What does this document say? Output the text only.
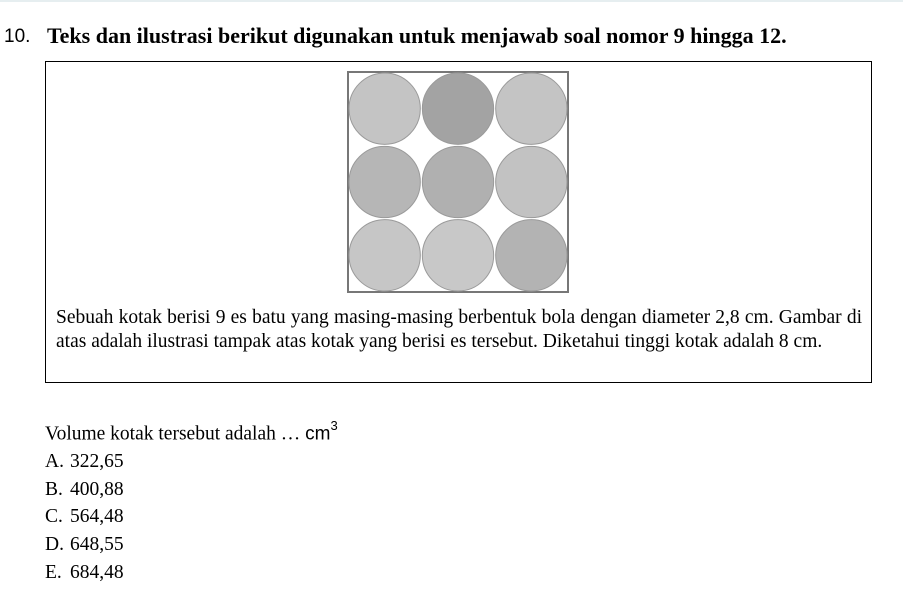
10. Teks dan ilustrasi berikut digunakan untuk menjawab soal nomor 9 hingga 12.
Sebuah kotak berisi 9 es batu yang masing-masing berbentuk bola dengan diameter 2,8 cm. Gambar di atas adalah ilustrasi tampak atas kotak yang berisi es tersebut. Diketahui tinggi kotak adalah 8 cm.
Volume kotak tersebut adalah … $cm^3$
A. 322,65
B. 400,88
C. 564,48
D. 648,55
E. 684,48
